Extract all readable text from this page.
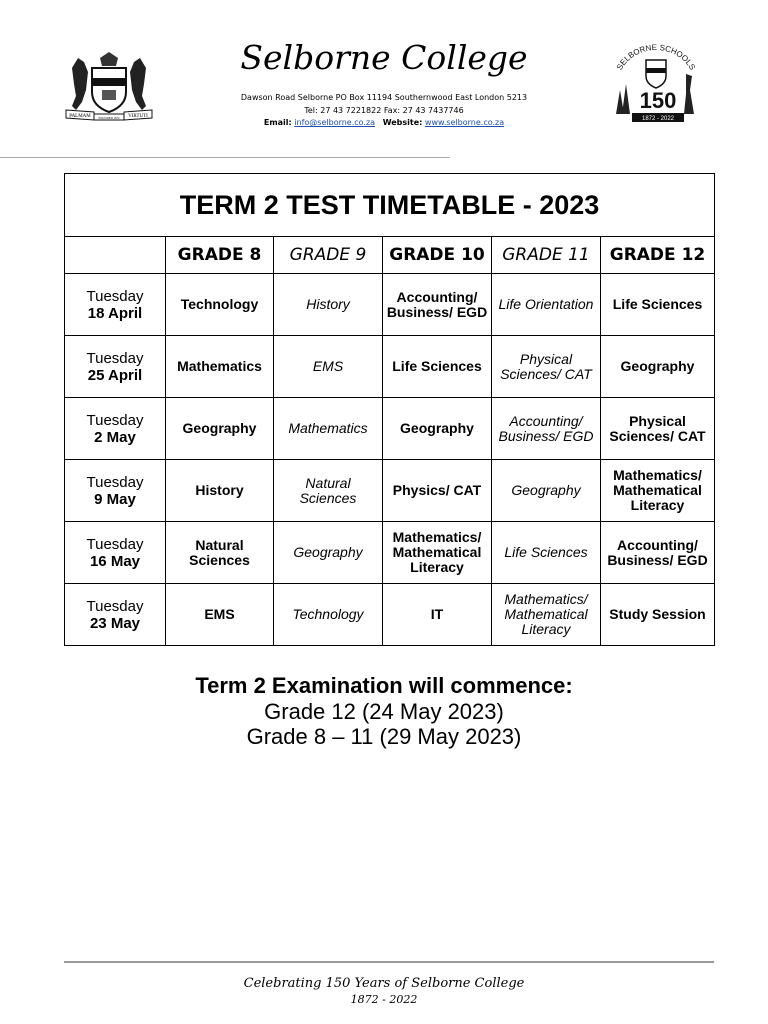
PALMAM	VIRTUTI
FOUNDED 1872
SELBORNE SCHOOLS
150
1872 - 2022
Selborne College
Dawson Road Selborne PO Box 11194 Southernwood East London 5213
Tel: 27 43 7221822 Fax: 27 43 7437746
Email: info@selborne.co.za Website: www.selborne.co.za
TERM 2 TEST TIMETABLE - 2023					
	GRADE 8	GRADE 9	GRADE 10	GRADE 11	GRADE 12

Tuesday
18 April	Technology	History	Accounting/ Business/ EGD	Life Orientation	Life Sciences

Tuesday
25 April	Mathematics	EMS	Life Sciences	Physical Sciences/ CAT	Geography

Tuesday
2 May	Geography	Mathematics	Geography	Accounting/ Business/ EGD	Physical Sciences/ CAT

Tuesday
9 May	History	Natural Sciences	Physics/ CAT	Geography	Mathematics/ Mathematical Literacy

Tuesday
16 May	Natural Sciences	Geography	Mathematics/ Mathematical Literacy	Life Sciences	Accounting/ Business/ EGD

Tuesday
23 May	EMS	Technology	IT	Mathematics/ Mathematical Literacy	Study Session
Term 2 Examination will commence:
Grade 12 (24 May 2023)
Grade 8 – 11 (29 May 2023)
Celebrating 150 Years of Selborne College
1872 - 2022
